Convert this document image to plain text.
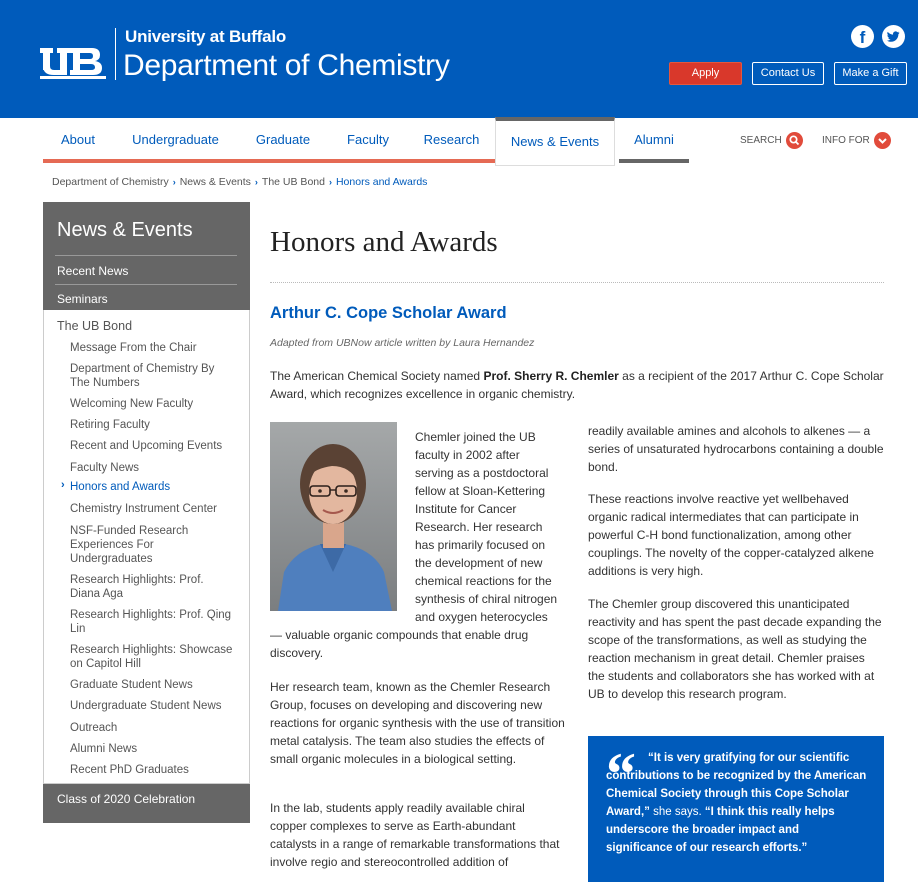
University at Buffalo
Department of Chemistry
f
Apply	Contact Us	Make a Gift
About	Undergraduate	Graduate	Faculty	Research	News & Events	Alumni	SEARCH	INFO FOR
Department of Chemistry › News & Events › The UB Bond › Honors and Awards
News & Events
Recent News
Seminars
The UB Bond
Message From the Chair
Department of Chemistry By The Numbers
Welcoming New Faculty
Retiring Faculty
Recent and Upcoming Events
Faculty News
› Honors and Awards
Chemistry Instrument Center
NSF-Funded Research Experiences For Undergraduates
Research Highlights: Prof. Diana Aga
Research Highlights: Prof. Qing Lin
Research Highlights: Showcase on Capitol Hill
Graduate Student News
Undergraduate Student News
Outreach
Alumni News
Recent PhD Graduates
Class of 2020 Celebration
Honors and Awards
Arthur C. Cope Scholar Award
Adapted from UBNow article written by Laura Hernandez
The American Chemical Society named Prof. Sherry R. Chemler as a recipient of the 2017 Arthur C. Cope Scholar Award, which recognizes excellence in organic chemistry.
Chemler joined the UB
faculty in 2002 after
serving as a postdoctoral
fellow at Sloan-Kettering
Institute for Cancer
Research. Her research
has primarily focused on
the development of new
chemical reactions for the
synthesis of chiral nitrogen
and oxygen heterocycles
— valuable organic compounds that enable drug discovery.
Her research team, known as the Chemler Research Group, focuses on developing and discovering new reactions for organic synthesis with the use of transition metal catalysis. The team also studies the effects of small organic molecules in a biological setting.
In the lab, students apply readily available chiral copper complexes to serve as Earth-abundant catalysts in a range of remarkable transformations that involve regio and stereocontrolled addition of
readily available amines and alcohols to alkenes — a series of unsaturated hydrocarbons containing a double bond.
These reactions involve reactive yet wellbehaved organic radical intermediates that can participate in powerful C-H bond functionalization, among other couplings. The novelty of the copper-catalyzed alkene additions is very high.
The Chemler group discovered this unanticipated reactivity and has spent the past decade expanding the scope of the transformations, as well as studying the reaction mechanism in great detail. Chemler praises the students and collaborators she has worked with at UB to develop this research program.
“	“It is very gratifying for our scientific contributions to be recognized by the American Chemical Society through this Cope Scholar Award,” she says. “I think this really helps underscore the broader impact and significance of our research efforts.”
